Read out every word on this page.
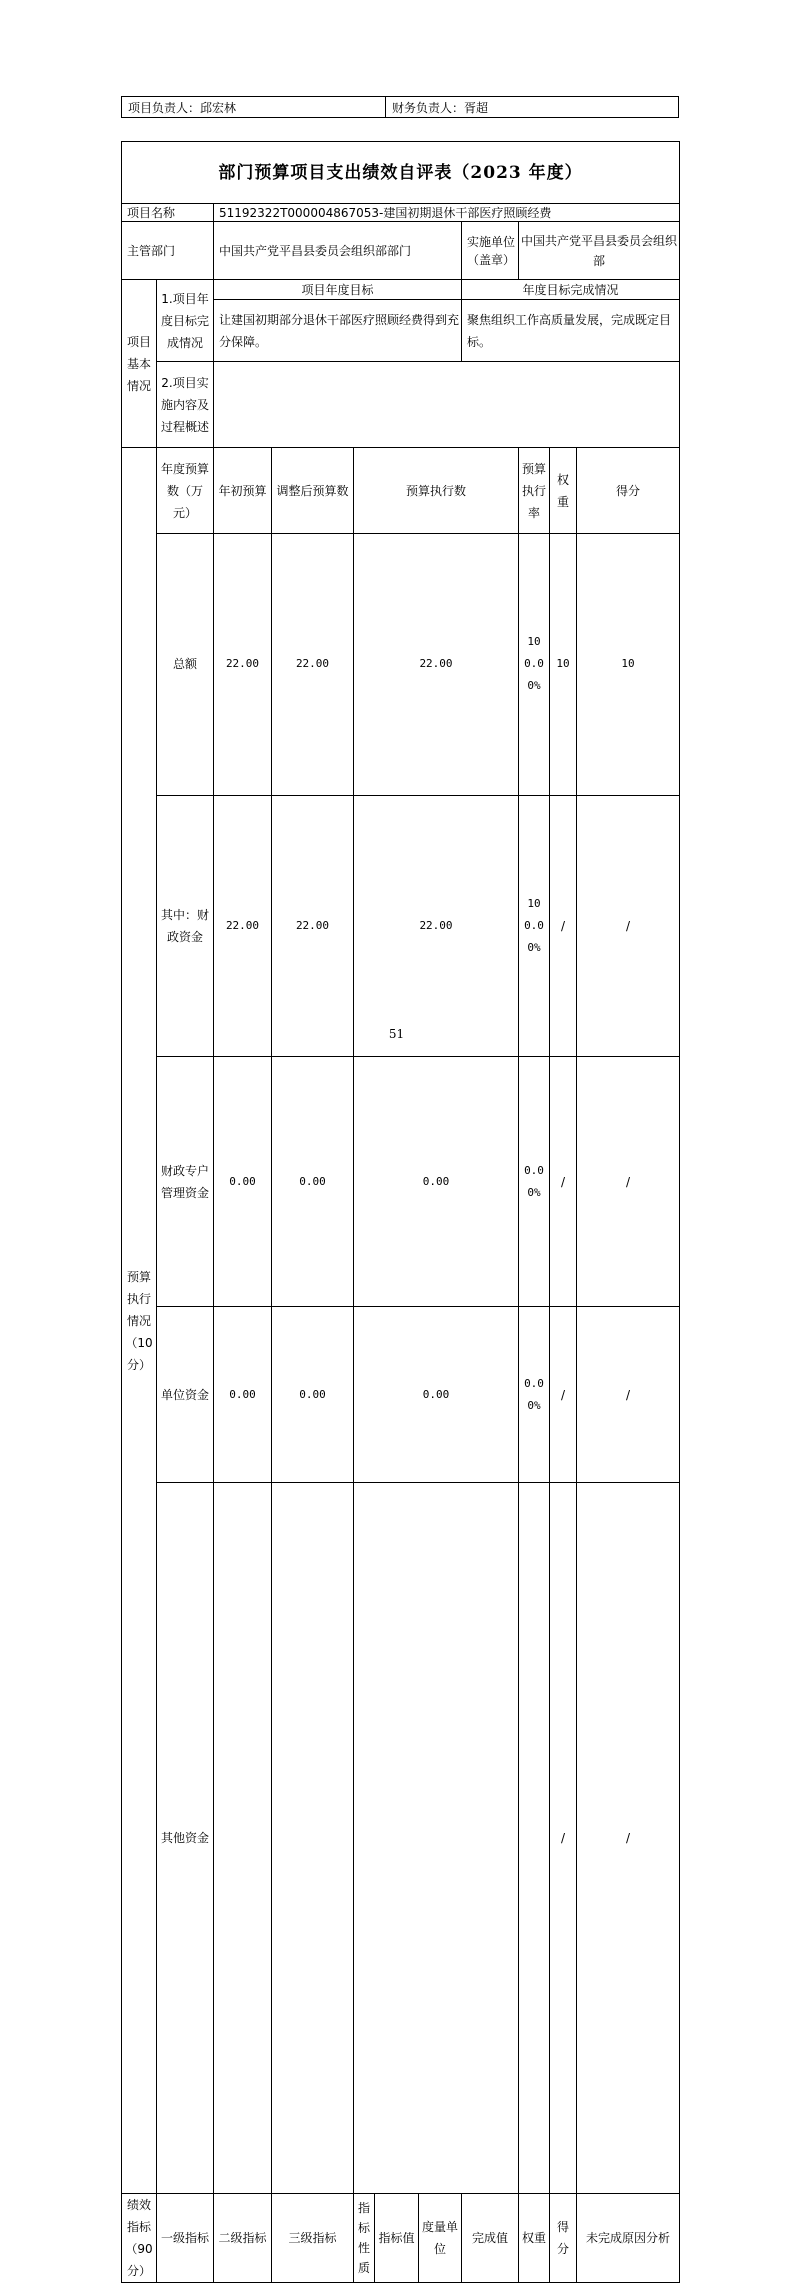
项目负责人： 邱宏林	财务负责人： 胥超
部门预算项目支出绩效自评表（2023 年度）											
项目名称		51192322T000004867053-建国初期退休干部医疗照顾经费									
主管部门		中国共产党平昌县委员会组织部部门					实施单位（盖章）	中国共产党平昌县委员会组织部			
项目基本情况	1.项目年度目标完成情况	项目年度目标					年度目标完成情况				
		让建国初期部分退休干部医疗照顾经费得到充分保障。					聚焦组织工作高质量发展，完成既定目标。				
	2.项目实施内容及过程概述										
预算执行情况（10分）	年度预算数（万元）	年初预算	调整后预算数	预算执行数				预算执行率	权重	得分	
	总额	22.00	22.00	22.00				100.00%	10	10	
	其中：财政资金	22.00	22.00	22.00				100.00%	/	/	
	财政专户管理资金	0.00	0.00	0.00				0.00%	/	/	
	单位资金	0.00	0.00	0.00				0.00%	/	/	
	其他资金								/	/	
绩效指标（90分）	一级指标	二级指标	三级指标	指标性质	指标值	度量单位	完成值	权重	得分	未完成原因分析	
51
